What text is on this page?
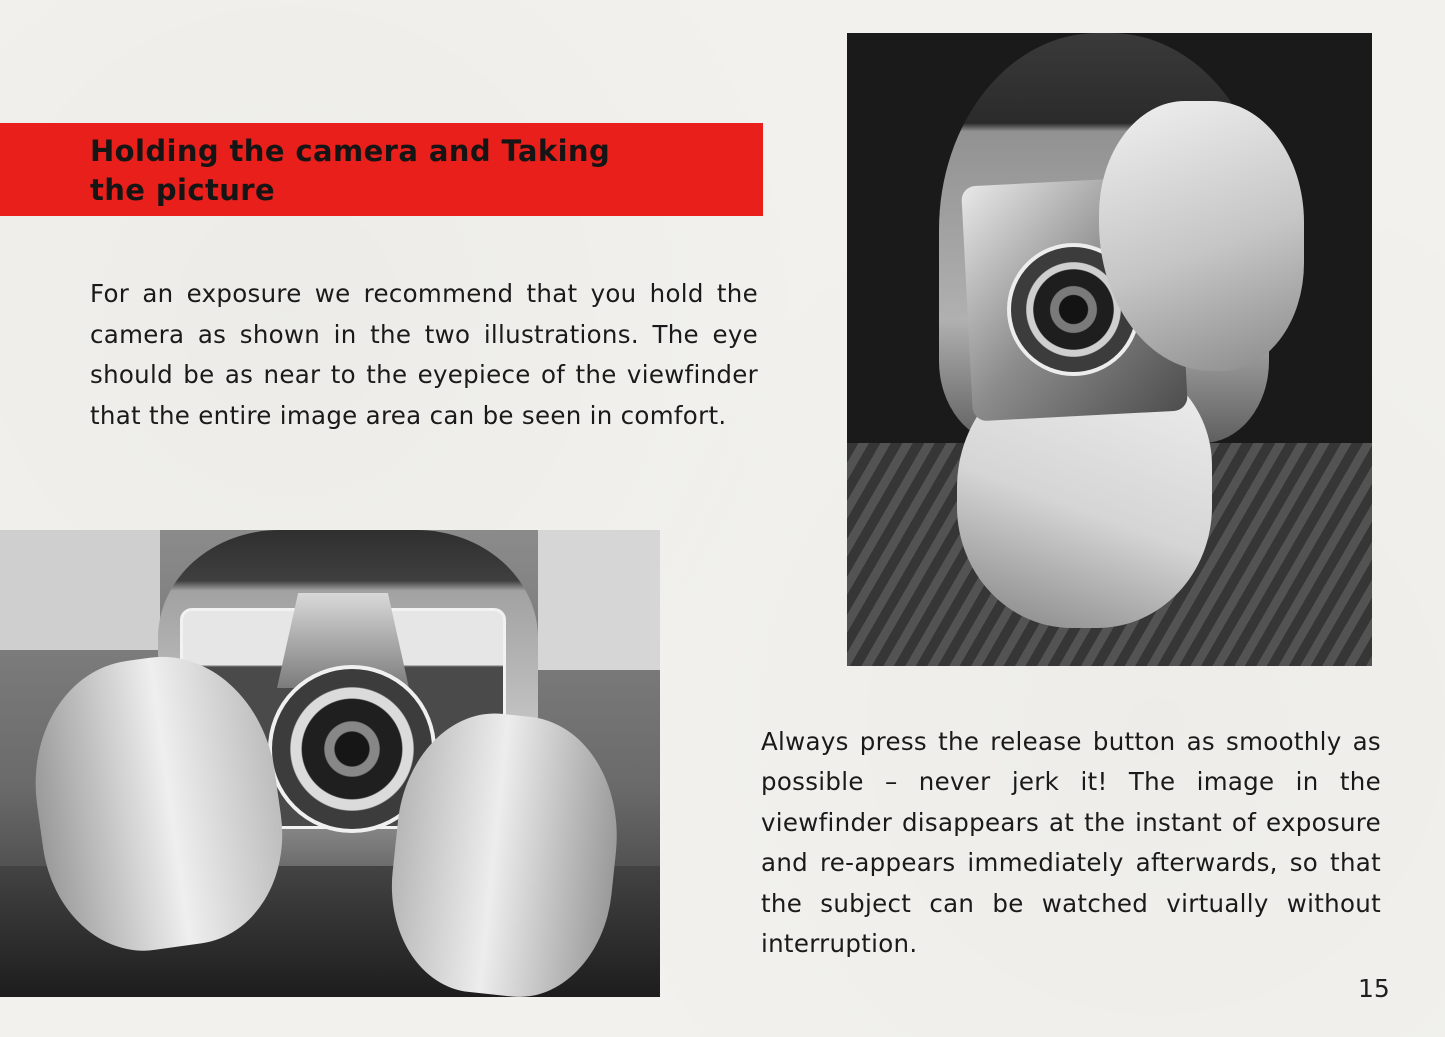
Holding the camera and Taking the picture

For an exposure we recommend that you hold the camera as shown in the two illustrations. The eye should be as near to the eyepiece of the viewfinder that the entire image area can be seen in comfort.

Always press the release button as smoothly as possible – never jerk it! The image in the viewfinder disappears at the instant of exposure and re-appears immediately afterwards, so that the subject can be watched virtually without interruption.

15
